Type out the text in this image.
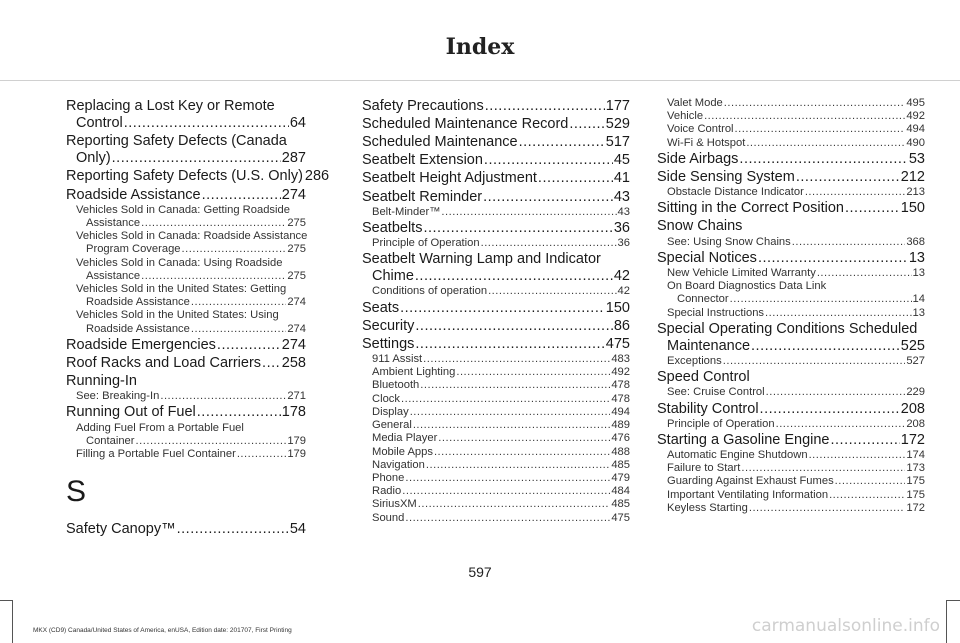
Index
Replacing a Lost Key or Remote
Control .....	64
Reporting Safety Defects (Canada
Only) .....	287
Reporting Safety Defects (U.S. Only) 286
Roadside Assistance .....	274
Vehicles Sold in Canada: Getting Roadside
Assistance .....	275
Vehicles Sold in Canada: Roadside Assistance
Program Coverage .....	275
Vehicles Sold in Canada: Using Roadside
Assistance .....	275
Vehicles Sold in the United States: Getting
Roadside Assistance .....	274
Vehicles Sold in the United States: Using
Roadside Assistance .....	274
Roadside Emergencies .....	274
Roof Racks and Load Carriers ..... 258
Running-In
See: Breaking-In .....	271
Running Out of Fuel .....	178
Adding Fuel From a Portable Fuel
Container .....	179
Filling a Portable Fuel Container .....	179
S
Safety Canopy™ .....	54
Safety Precautions .....	177
Scheduled Maintenance Record .....	529
Scheduled Maintenance .....	517
Seatbelt Extension .....	45
Seatbelt Height Adjustment .....	41
Seatbelt Reminder .....	43
Belt-Minder™ .....	43
Seatbelts .....	36
Principle of Operation .....	36
Seatbelt Warning Lamp and Indicator
Chime .....	42
Conditions of operation .....	42
Seats .....	150
Security .....	86
Settings .....	475
911 Assist .....	483
Ambient Lighting .....	492
Bluetooth .....	478
Clock .....	478
Display .....	494
General .....	489
Media Player .....	476
Mobile Apps .....	488
Navigation .....	485
Phone .....	479
Radio .....	484
SiriusXM .....	485
Sound .....	475
Valet Mode .....	495
Vehicle .....	492
Voice Control .....	494
Wi-Fi & Hotspot .....	490
Side Airbags .....	53
Side Sensing System .....	212
Obstacle Distance Indicator .....	213
Sitting in the Correct Position .....	150
Snow Chains
See: Using Snow Chains .....	368
Special Notices .....	13
New Vehicle Limited Warranty .....	13
On Board Diagnostics Data Link
Connector .....	14
Special Instructions .....	13
Special Operating Conditions Scheduled
Maintenance .....	525
Exceptions .....	527
Speed Control
See: Cruise Control .....	229
Stability Control .....	208
Principle of Operation .....	208
Starting a Gasoline Engine .....	172
Automatic Engine Shutdown .....	174
Failure to Start .....	173
Guarding Against Exhaust Fumes .....	175
Important Ventilating Information .....	175
Keyless Starting .....	172
597
MKX (CD9) Canada/United States of America, enUSA, Edition date: 201707, First Printing	carmanualsonline.info
